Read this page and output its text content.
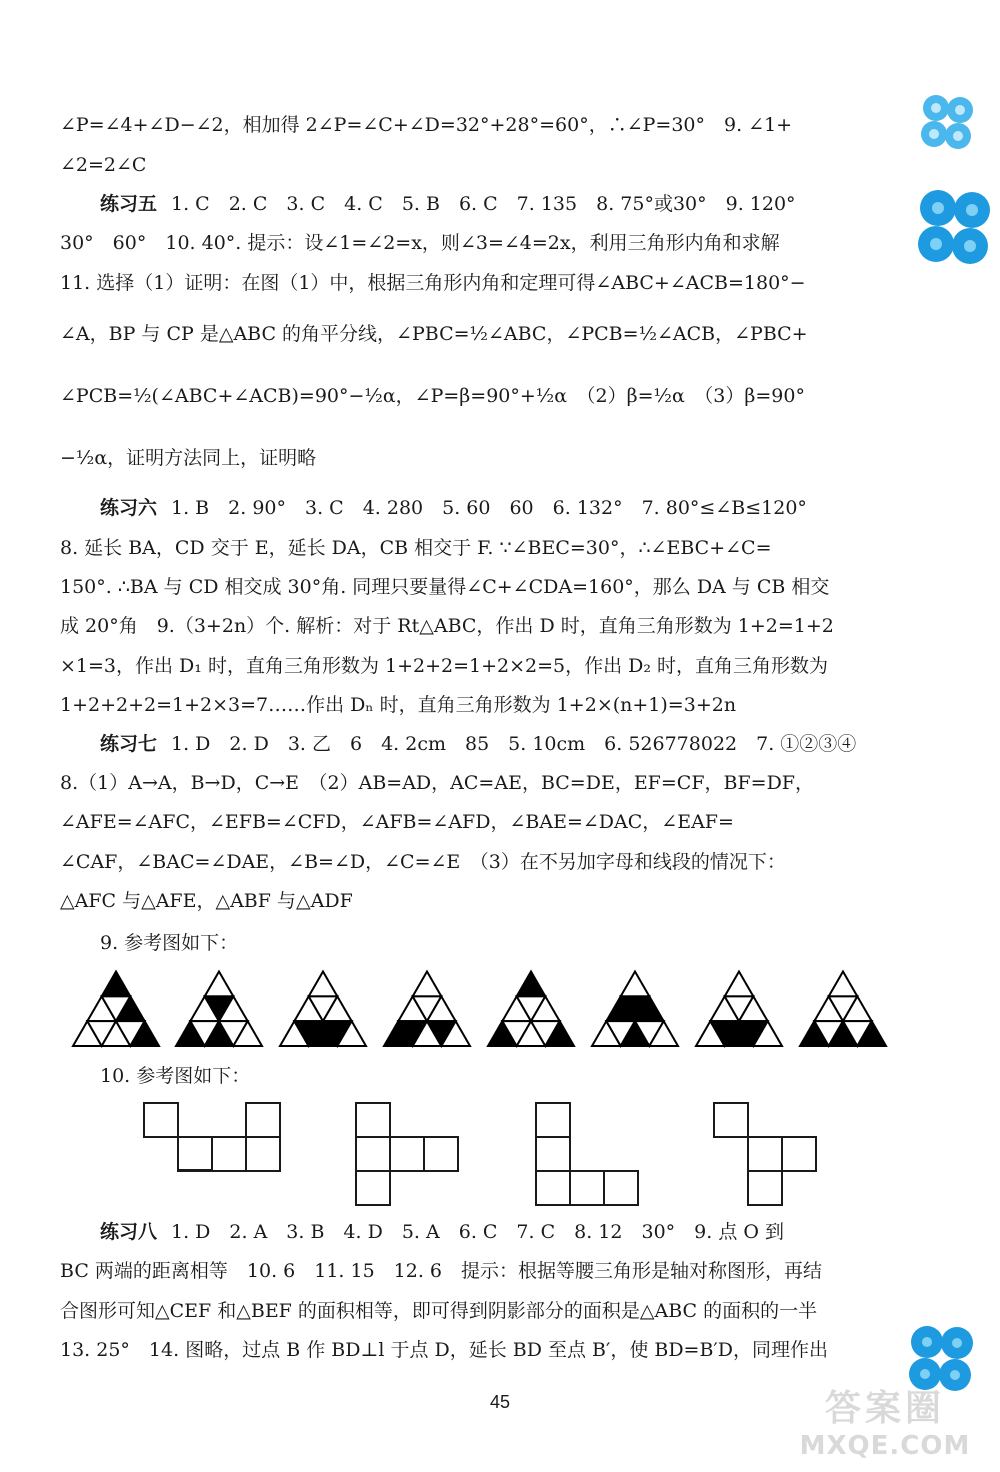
∠P=∠4+∠D−∠2，相加得 2∠P=∠C+∠D=32°+28°=60°，∴∠P=30°　9. ∠1+
∠2=2∠C
练习五 1. C　2. C　3. C　4. C　5. B　6. C　7. 135　8. 75°或30°　9. 120°
30°　60°　10. 40°. 提示：设∠1=∠2=x，则∠3=∠4=2x，利用三角形内角和求解
11. 选择（1）证明：在图（1）中，根据三角形内角和定理可得∠ABC+∠ACB=180°−
∠A，BP 与 CP 是△ABC 的角平分线，∠PBC=½∠ABC，∠PCB=½∠ACB，∠PBC+
∠PCB=½(∠ABC+∠ACB)=90°−½α，∠P=β=90°+½α　（2）β=½α　（3）β=90°
−½α，证明方法同上，证明略
练习六 1. B　2. 90°　3. C　4. 280　5. 60　60　6. 132°　7. 80°≤∠B≤120°
8. 延长 BA，CD 交于 E，延长 DA，CB 相交于 F. ∵∠BEC=30°，∴∠EBC+∠C=
150°. ∴BA 与 CD 相交成 30°角. 同理只要量得∠C+∠CDA=160°，那么 DA 与 CB 相交
成 20°角　9.（3+2n）个. 解析：对于 Rt△ABC，作出 D 时，直角三角形数为 1+2=1+2
×1=3，作出 D₁ 时，直角三角形数为 1+2+2=1+2×2=5，作出 D₂ 时，直角三角形数为
1+2+2+2=1+2×3=7……作出 Dₙ 时，直角三角形数为 1+2×(n+1)=3+2n
练习七 1. D　2. D　3. 乙　6　4. 2cm　85　5. 10cm　6. 526778022　7. ①②③④
8.（1）A→A，B→D，C→E　（2）AB=AD，AC=AE，BC=DE，EF=CF，BF=DF，
∠AFE=∠AFC，∠EFB=∠CFD，∠AFB=∠AFD，∠BAE=∠DAC，∠EAF=
∠CAF，∠BAC=∠DAE，∠B=∠D，∠C=∠E　（3）在不另加字母和线段的情况下：
△AFC 与△AFE，△ABF 与△ADF
9. 参考图如下：
10. 参考图如下：
练习八 1. D　2. A　3. B　4. D　5. A　6. C　7. C　8. 12　30°　9. 点 O 到
BC 两端的距离相等　10. 6　11. 15　12. 6　提示：根据等腰三角形是轴对称图形，再结
合图形可知△CEF 和△BEF 的面积相等，即可得到阴影部分的面积是△ABC 的面积的一半
13. 25°　14. 图略，过点 B 作 BD⊥l 于点 D，延长 BD 至点 B′，使 BD=B′D，同理作出
45	答案圈
MXQE.COM
